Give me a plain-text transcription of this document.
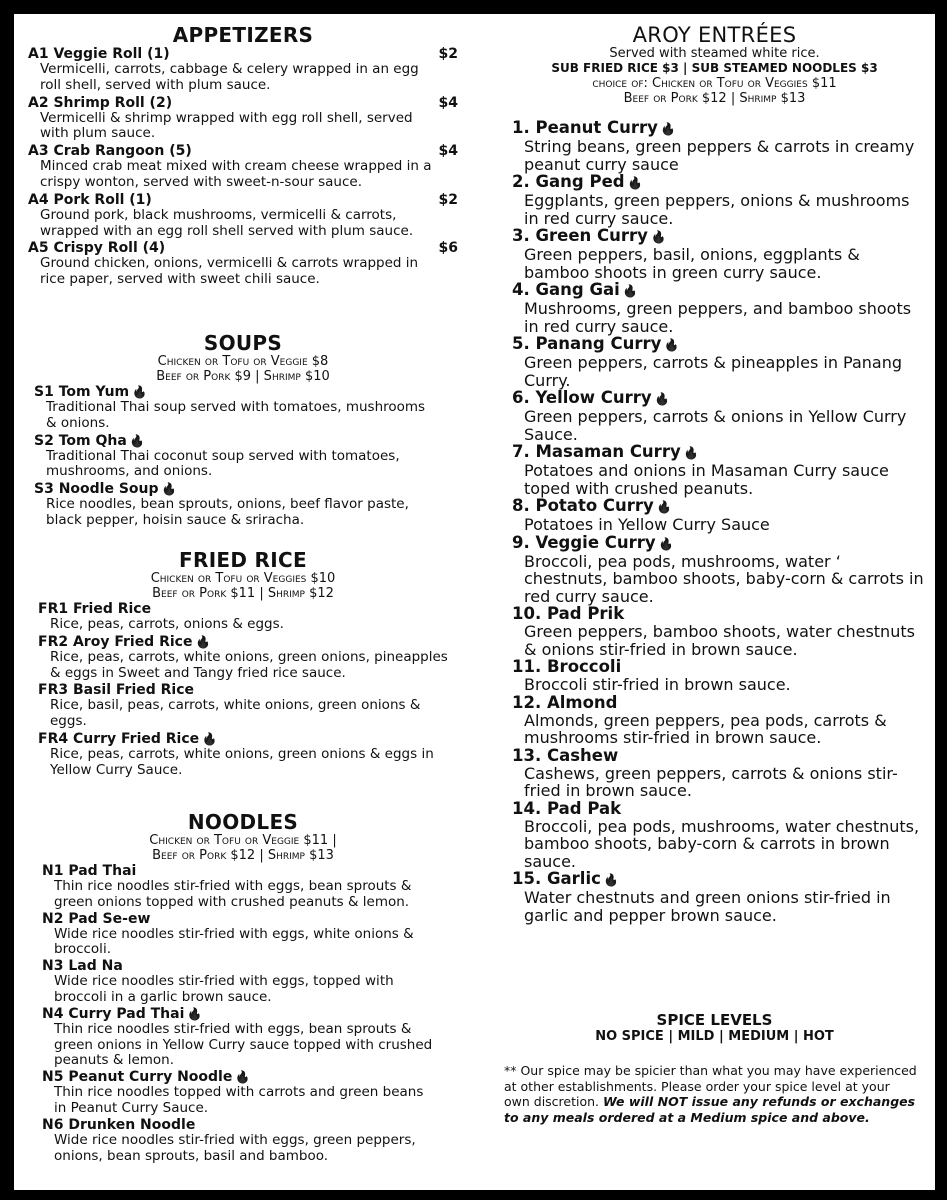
APPETIZERS
A1 Veggie Roll (1)	$2
Vermicelli, carrots, cabbage & celery wrapped in an egg roll shell, served with plum sauce.
A2 Shrimp Roll (2)	$4
Vermicelli & shrimp wrapped with egg roll shell, served with plum sauce.
A3 Crab Rangoon (5)	$4
Minced crab meat mixed with cream cheese wrapped in a crispy wonton, served with sweet-n-sour sauce.
A4 Pork Roll (1)	$2
Ground pork, black mushrooms, vermicelli & carrots, wrapped with an egg roll shell served with plum sauce.
A5 Crispy Roll (4)	$6
Ground chicken, onions, vermicelli & carrots wrapped in rice paper, served with sweet chili sauce.
SOUPS
Chicken or Tofu or Veggie $8
Beef or Pork $9 | Shrimp $10
S1 Tom Yum 🔥
Traditional Thai soup served with tomatoes, mushrooms & onions.
S2 Tom Qha 🔥
Traditional Thai coconut soup served with tomatoes, mushrooms, and onions.
S3 Noodle Soup 🔥
Rice noodles, bean sprouts, onions, beef flavor paste, black pepper, hoisin sauce & sriracha.
FRIED RICE
Chicken or Tofu or Veggies $10
Beef or Pork $11 | Shrimp $12
FR1 Fried Rice
Rice, peas, carrots, onions & eggs.
FR2 Aroy Fried Rice 🔥
Rice, peas, carrots, white onions, green onions, pineapples & eggs in Sweet and Tangy fried rice sauce.
FR3 Basil Fried Rice
Rice, basil, peas, carrots, white onions, green onions & eggs.
FR4 Curry Fried Rice 🔥
Rice, peas, carrots, white onions, green onions & eggs in Yellow Curry Sauce.
NOODLES
Chicken or Tofu or Veggie $11 |
Beef or Pork $12 | Shrimp $13
N1 Pad Thai
Thin rice noodles stir-fried with eggs, bean sprouts & green onions topped with crushed peanuts & lemon.
N2 Pad Se-ew
Wide rice noodles stir-fried with eggs, white onions & broccoli.
N3 Lad Na
Wide rice noodles stir-fried with eggs, topped with broccoli in a garlic brown sauce.
N4 Curry Pad Thai 🔥
Thin rice noodles stir-fried with eggs, bean sprouts & green onions in Yellow Curry sauce topped with crushed peanuts & lemon.
N5 Peanut Curry Noodle 🔥
Thin rice noodles topped with carrots and green beans in Peanut Curry Sauce.
N6 Drunken Noodle
Wide rice noodles stir-fried with eggs, green peppers, onions, bean sprouts, basil and bamboo.
AROY ENTRÉES
Served with steamed white rice.
SUB FRIED RICE $3 | SUB STEAMED NOODLES $3
choice of: Chicken or Tofu or Veggies $11
Beef or Pork $12 | Shrimp $13
1. Peanut Curry 🔥
String beans, green peppers & carrots in creamy peanut curry sauce
2. Gang Ped 🔥
Eggplants, green peppers, onions & mushrooms in red curry sauce.
3. Green Curry 🔥
Green peppers, basil, onions, eggplants & bamboo shoots in green curry sauce.
4. Gang Gai 🔥
Mushrooms, green peppers, and bamboo shoots in red curry sauce.
5. Panang Curry 🔥
Green peppers, carrots & pineapples in Panang Curry.
6. Yellow Curry 🔥
Green peppers, carrots & onions in Yellow Curry Sauce.
7. Masaman Curry 🔥
Potatoes and onions in Masaman Curry sauce toped with crushed peanuts.
8. Potato Curry 🔥
Potatoes in Yellow Curry Sauce
9. Veggie Curry 🔥
Broccoli, pea pods, mushrooms, water ‘ chestnuts, bamboo shoots, baby-corn & carrots in red curry sauce.
10. Pad Prik
Green peppers, bamboo shoots, water chestnuts & onions stir-fried in brown sauce.
11. Broccoli
Broccoli stir-fried in brown sauce.
12. Almond
Almonds, green peppers, pea pods, carrots & mushrooms stir-fried in brown sauce.
13. Cashew
Cashews, green peppers, carrots & onions stir-fried in brown sauce.
14. Pad Pak
Broccoli, pea pods, mushrooms, water chestnuts, bamboo shoots, baby-corn & carrots in brown sauce.
15. Garlic 🔥
Water chestnuts and green onions stir-fried in garlic and pepper brown sauce.
SPICE LEVELS
NO SPICE | MILD | MEDIUM | HOT
** Our spice may be spicier than what you may have experienced at other establishments. Please order your spice level at your own discretion. We will NOT issue any refunds or exchanges to any meals ordered at a Medium spice and above.
